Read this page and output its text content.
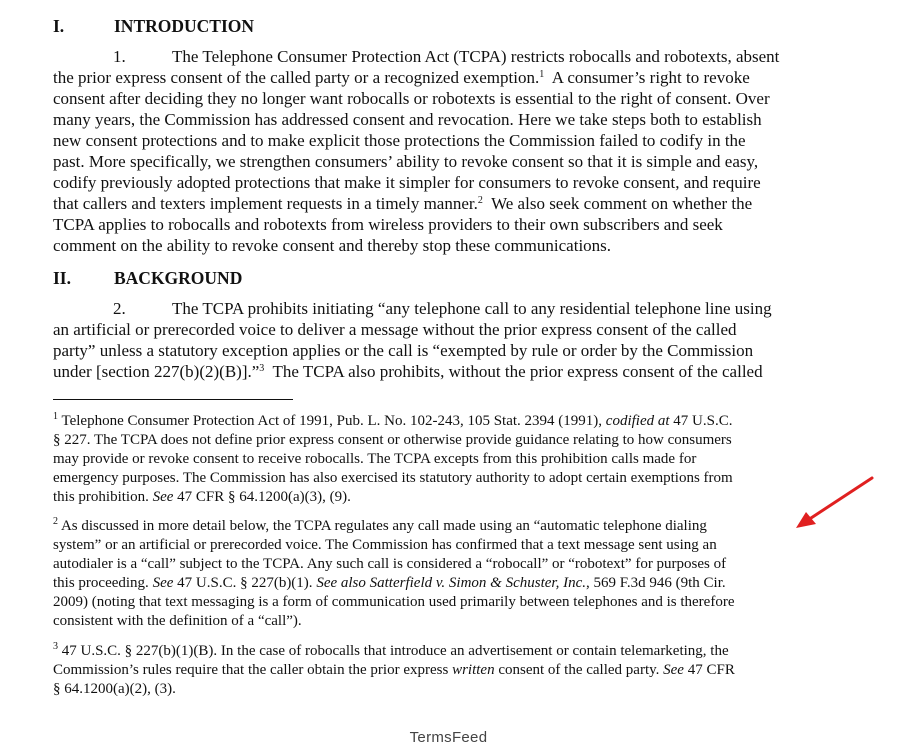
I.	INTRODUCTION
1.	The Telephone Consumer Protection Act (TCPA) restricts robocalls and robotexts, absent
the prior express consent of the called party or a recognized exemption.$^1$ A consumer’s right to revoke
consent after deciding they no longer want robocalls or robotexts is essential to the right of consent. Over
many years, the Commission has addressed consent and revocation. Here we take steps both to establish
new consent protections and to make explicit those protections the Commission failed to codify in the
past. More specifically, we strengthen consumers’ ability to revoke consent so that it is simple and easy,
codify previously adopted protections that make it simpler for consumers to revoke consent, and require
that callers and texters implement requests in a timely manner.$^2$ We also seek comment on whether the
TCPA applies to robocalls and robotexts from wireless providers to their own subscribers and seek
comment on the ability to revoke consent and thereby stop these communications.
II. BACKGROUND
2.	The TCPA prohibits initiating “any telephone call to any residential telephone line using
an artificial or prerecorded voice to deliver a message without the prior express consent of the called
party” unless a statutory exception applies or the call is “exempted by rule or order by the Commission
under [section 227(b)(2)(B)].”$^3$ The TCPA also prohibits, without the prior express consent of the called
$^1$ Telephone Consumer Protection Act of 1991, Pub. L. No. 102-243, 105 Stat. 2394 (1991), codified at 47 U.S.C.
§ 227. The TCPA does not define prior express consent or otherwise provide guidance relating to how consumers
may provide or revoke consent to receive robocalls. The TCPA excepts from this prohibition calls made for
emergency purposes. The Commission has also exercised its statutory authority to adopt certain exemptions from
this prohibition. See 47 CFR § 64.1200(a)(3), (9).
$^2$ As discussed in more detail below, the TCPA regulates any call made using an “automatic telephone dialing
system” or an artificial or prerecorded voice. The Commission has confirmed that a text message sent using an
autodialer is a “call” subject to the TCPA. Any such call is considered a “robocall” or “robotext” for purposes of
this proceeding. See 47 U.S.C. § 227(b)(1). See also Satterfield v. Simon & Schuster, Inc., 569 F.3d 946 (9th Cir.
2009) (noting that text messaging is a form of communication used primarily between telephones and is therefore
consistent with the definition of a “call”).
$^3$ 47 U.S.C. § 227(b)(1)(B). In the case of robocalls that introduce an advertisement or contain telemarketing, the
Commission’s rules require that the caller obtain the prior express written consent of the called party. See 47 CFR
§ 64.1200(a)(2), (3).
TermsFeed
